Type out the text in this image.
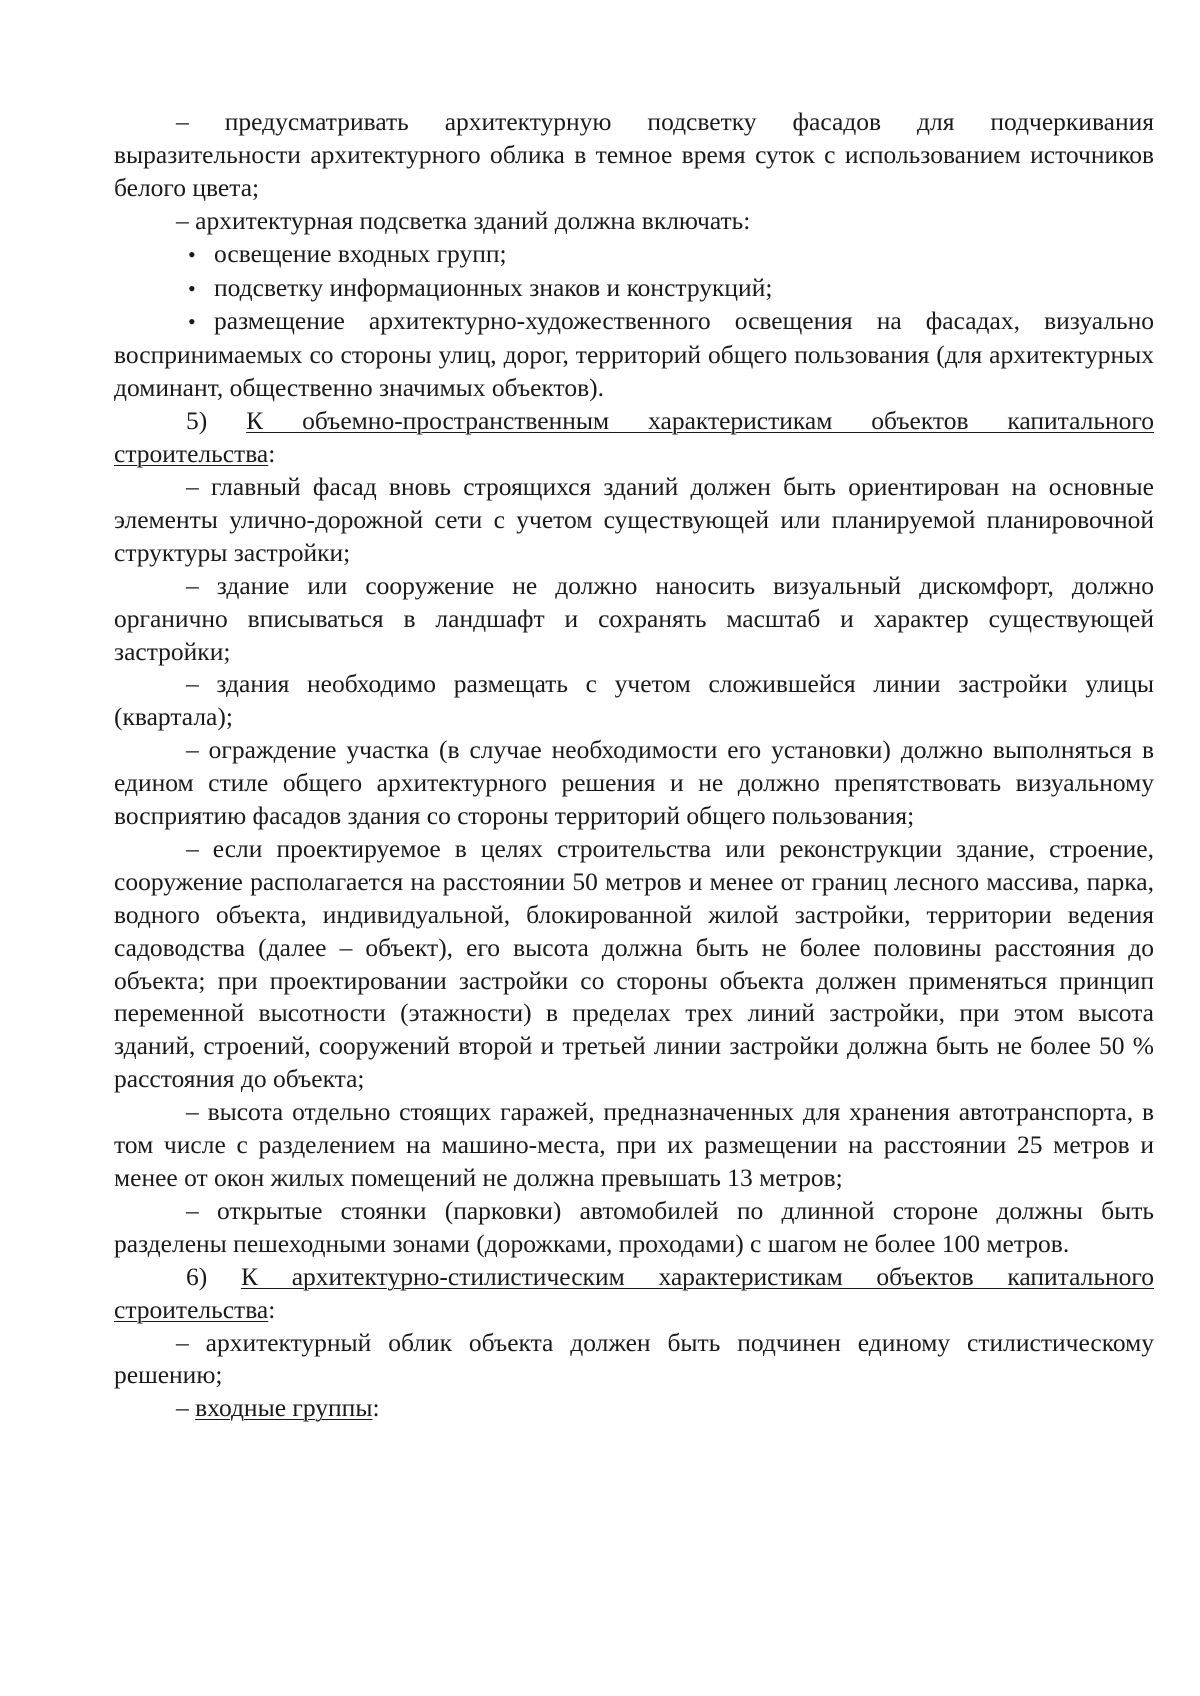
– предусматривать архитектурную подсветку фасадов для подчеркивания выразительности архитектурного облика в темное время суток с использованием источников белого цвета;

– архитектурная подсветка зданий должна включать:

• освещение входных групп;

• подсветку информационных знаков и конструкций;

• размещение архитектурно-художественного освещения на фасадах, визуально воспринимаемых со стороны улиц, дорог, территорий общего пользования (для архитектурных доминант, общественно значимых объектов).

5) К объемно-пространственным характеристикам объектов капитального строительства:

– главный фасад вновь строящихся зданий должен быть ориентирован на основные элементы улично-дорожной сети с учетом существующей или планируемой планировочной структуры застройки;

– здание или сооружение не должно наносить визуальный дискомфорт, должно органично вписываться в ландшафт и сохранять масштаб и характер существующей застройки;

– здания необходимо размещать с учетом сложившейся линии застройки улицы (квартала);

– ограждение участка (в случае необходимости его установки) должно выполняться в едином стиле общего архитектурного решения и не должно препятствовать визуальному восприятию фасадов здания со стороны территорий общего пользования;

– если проектируемое в целях строительства или реконструкции здание, строение, сооружение располагается на расстоянии 50 метров и менее от границ лесного массива, парка, водного объекта, индивидуальной, блокированной жилой застройки, территории ведения садоводства (далее – объект), его высота должна быть не более половины расстояния до объекта; при проектировании застройки со стороны объекта должен применяться принцип переменной высотности (этажности) в пределах трех линий застройки, при этом высота зданий, строений, сооружений второй и третьей линии застройки должна быть не более 50 % расстояния до объекта;

– высота отдельно стоящих гаражей, предназначенных для хранения автотранспорта, в том числе с разделением на машино-места, при их размещении на расстоянии 25 метров и менее от окон жилых помещений не должна превышать 13 метров;

– открытые стоянки (парковки) автомобилей по длинной стороне должны быть разделены пешеходными зонами (дорожками, проходами) с шагом не более 100 метров.

6) К архитектурно-стилистическим характеристикам объектов капитального строительства:

– архитектурный облик объекта должен быть подчинен единому стилистическому решению;

– входные группы:
